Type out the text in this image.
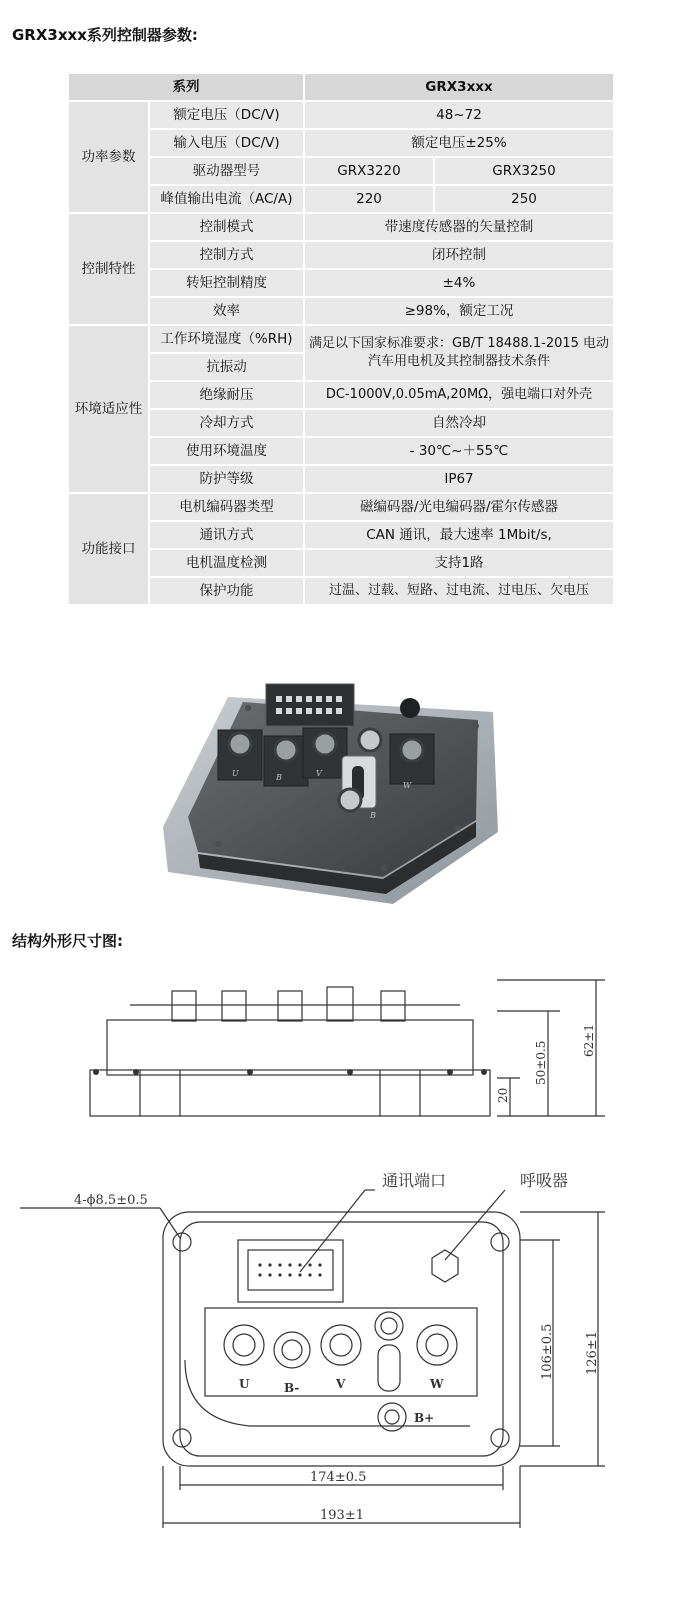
GRX3xxx系列控制器参数:
系列		GRX3xxx	
功率参数	额定电压（DC/V)	48~72	
	输入电压（DC/V)	额定电压±25%	
	驱动器型号	GRX3220	GRX3250
	峰值输出电流（AC/A)	220	250
控制特性	控制模式	带速度传感器的矢量控制	
	控制方式	闭环控制	
	转矩控制精度	±4%	
	效率	≥98%，额定工况	
环境适应性	工作环境湿度（%RH)	满足以下国家标准要求：GB/T 18488.1-2015 电动汽车用电机及其控制器技术条件	
	抗振动		
	绝缘耐压	DC-1000V,0.05mA,20MΩ，强电端口对外壳	
	冷却方式	自然冷却	
	使用环境温度	- 30℃~＋55℃	
	防护等级	IP67	
功能接口	电机编码器类型	磁编码器/光电编码器/霍尔传感器	
	通讯方式	CAN 通讯，最大速率 1Mbit/s,	
	电机温度检测	支持1路	
	保护功能	过温、过载、短路、过电流、过电压、欠电压	
U	B	V
B
W
结构外形尺寸图:
62±1
50±0.5
20
通讯端口	呼吸器
4-ϕ8.5±0.5
106±0.5 126±1
174±0.5
193±1
U	B-	V	W
B+
